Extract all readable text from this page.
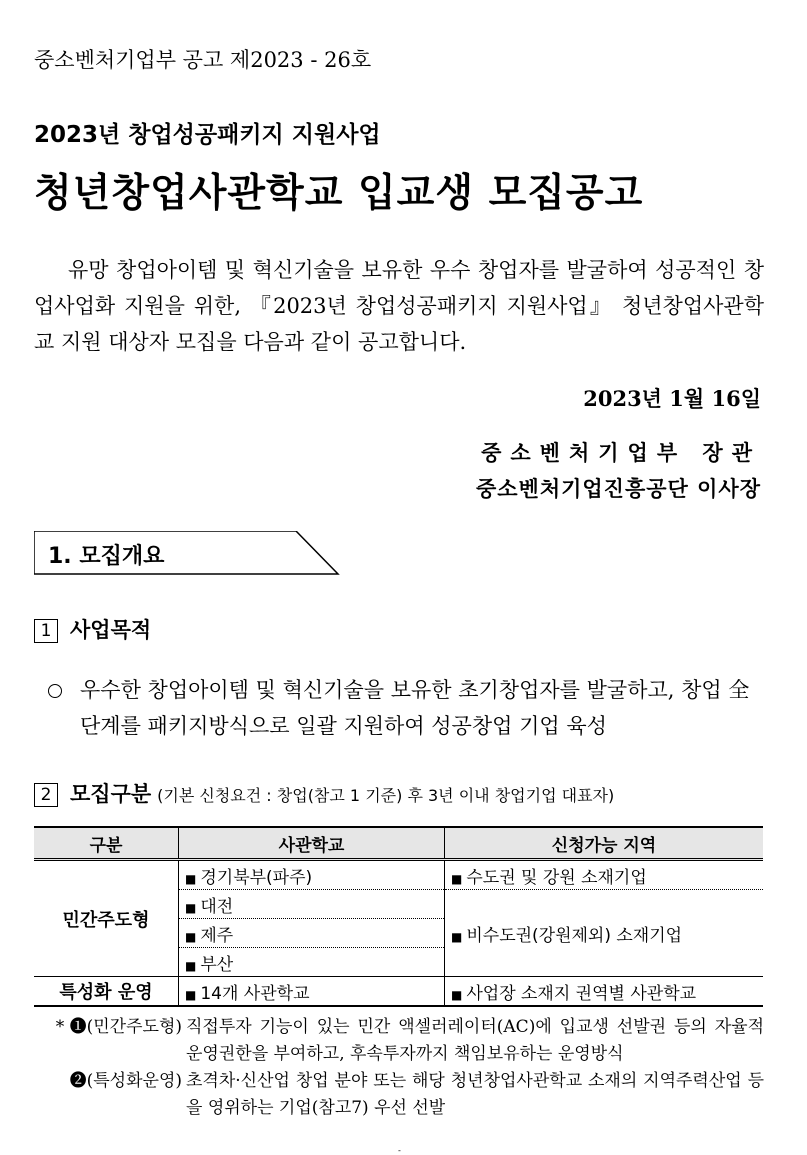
중소벤처기업부 공고 제2023 - 26호
2023년 창업성공패키지 지원사업
청년창업사관학교 입교생 모집공고
유망 창업아이템 및 혁신기술을 보유한 우수 창업자를 발굴하여 성공적인 창업사업화 지원을 위한, 『2023년 창업성공패키지 지원사업』 청년창업사관학교 지원 대상자 모집을 다음과 같이 공고합니다.
2023년 1월 16일
중소벤처기업부 장관
중소벤처기업진흥공단 이사장
1. 모집개요
1 사업목적
우수한 창업아이템 및 혁신기술을 보유한 초기창업자를 발굴하고, 창업 全단계를 패키지방식으로 일괄 지원하여 성공창업 기업 육성
2 모집구분 (기본 신청요건 : 창업(참고 1 기준) 후 3년 이내 창업기업 대표자)
구분	사관학교	신청가능 지역
민간주도형	■ 경기북부(파주)	■ 수도권 및 강원 소재기업
	■ 대전	■ 비수도권(강원제외) 소재기업
	■ 제주	
	■ 부산	
특성화 운영	■ 14개 사관학교	■ 사업장 소재지 권역별 사관학교
* ❶(민간주도형) 직접투자 기능이 있는 민간 액셀러레이터(AC)에 입교생 선발권 등의 자율적 운영권한을 부여하고, 후속투자까지 책임보유하는 운영방식
❷(특성화운영) 초격차·신산업 창업 분야 또는 해당 청년창업사관학교 소재의 지역주력산업 등을 영위하는 기업(참고7) 우선 선발
-
